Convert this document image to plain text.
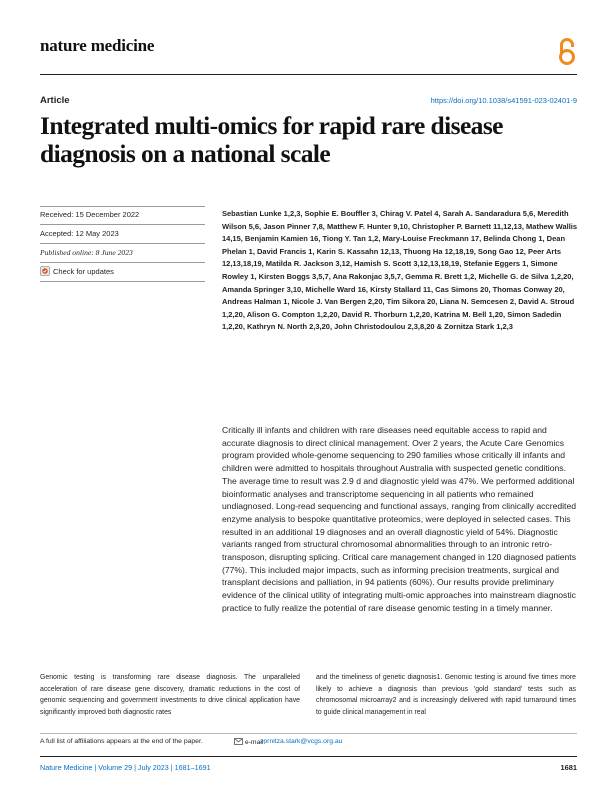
nature medicine
Article	https://doi.org/10.1038/s41591-023-02401-9
Integrated multi-omics for rapid rare disease diagnosis on a national scale
Received: 15 December 2022
Accepted: 12 May 2023
Published online: 8 June 2023
Check for updates

Sebastian Lunke 1,2,3, Sophie E. Bouffler 3, Chirag V. Patel 4, Sarah A. Sandaradura 5,6, Meredith Wilson 5,6, Jason Pinner 7,8, Matthew F. Hunter 9,10, Christopher P. Barnett 11,12,13, Mathew Wallis 14,15, Benjamin Kamien 16, Tiong Y. Tan 1,2, Mary-Louise Freckmann 17, Belinda Chong 1, Dean Phelan 1, David Francis 1, Karin S. Kassahn 12,13, Thuong Ha 12,18,19, Song Gao 12, Peer Arts 12,13,18,19, Matilda R. Jackson 3,12, Hamish S. Scott 3,12,13,18,19, Stefanie Eggers 1, Simone Rowley 1, Kirsten Boggs 3,5,7, Ana Rakonjac 3,5,7, Gemma R. Brett 1,2, Michelle G. de Silva 1,2,20, Amanda Springer 3,10, Michelle Ward 16, Kirsty Stallard 11, Cas Simons 20, Thomas Conway 20, Andreas Halman 1, Nicole J. Van Bergen 2,20, Tim Sikora 20, Liana N. Semcesen 2, David A. Stroud 1,2,20, Alison G. Compton 1,2,20, David R. Thorburn 1,2,20, Katrina M. Bell 1,20, Simon Sadedin 1,2,20, Kathryn N. North 2,3,20, John Christodoulou 2,3,8,20 & Zornitza Stark 1,2,3

Critically ill infants and children with rare diseases need equitable access to rapid and accurate diagnosis to direct clinical management. Over 2 years, the Acute Care Genomics program provided whole-genome sequencing to 290 families whose critically ill infants and children were admitted to hospitals throughout Australia with suspected genetic conditions. The average time to result was 2.9 d and diagnostic yield was 47%. We performed additional bioinformatic analyses and transcriptome sequencing in all patients who remained undiagnosed. Long-read sequencing and functional assays, ranging from clinically accredited enzyme analysis to bespoke quantitative proteomics, were deployed in selected cases. This resulted in an additional 19 diagnoses and an overall diagnostic yield of 54%. Diagnostic variants ranged from structural chromosomal abnormalities through to an intronic retro-transposon, disrupting splicing. Critical care management changed in 120 diagnosed patients (77%). This included major impacts, such as informing precision treatments, surgical and transplant decisions and palliation, in 94 patients (60%). Our results provide preliminary evidence of the clinical utility of integrating multi-omic approaches into mainstream diagnostic practice to fully realize the potential of rare disease genomic testing in a timely manner.

Genomic testing is transforming rare disease diagnosis. The unparalleled acceleration of rare disease gene discovery, dramatic reductions in the cost of genomic sequencing and government investments to drive clinical application have significantly improved both diagnostic rates

and the timeliness of genetic diagnosis1. Genomic testing is around five times more likely to achieve a diagnosis than previous 'gold standard' tests such as chromosomal microarray2 and is increasingly delivered with rapid turnaround times to guide clinical management in real

A full list of affiliations appears at the end of the paper.	e-mail:
zornitza.stark@vcgs.org.au
Nature Medicine | Volume 29 | July 2023 | 1681–1691	1681
